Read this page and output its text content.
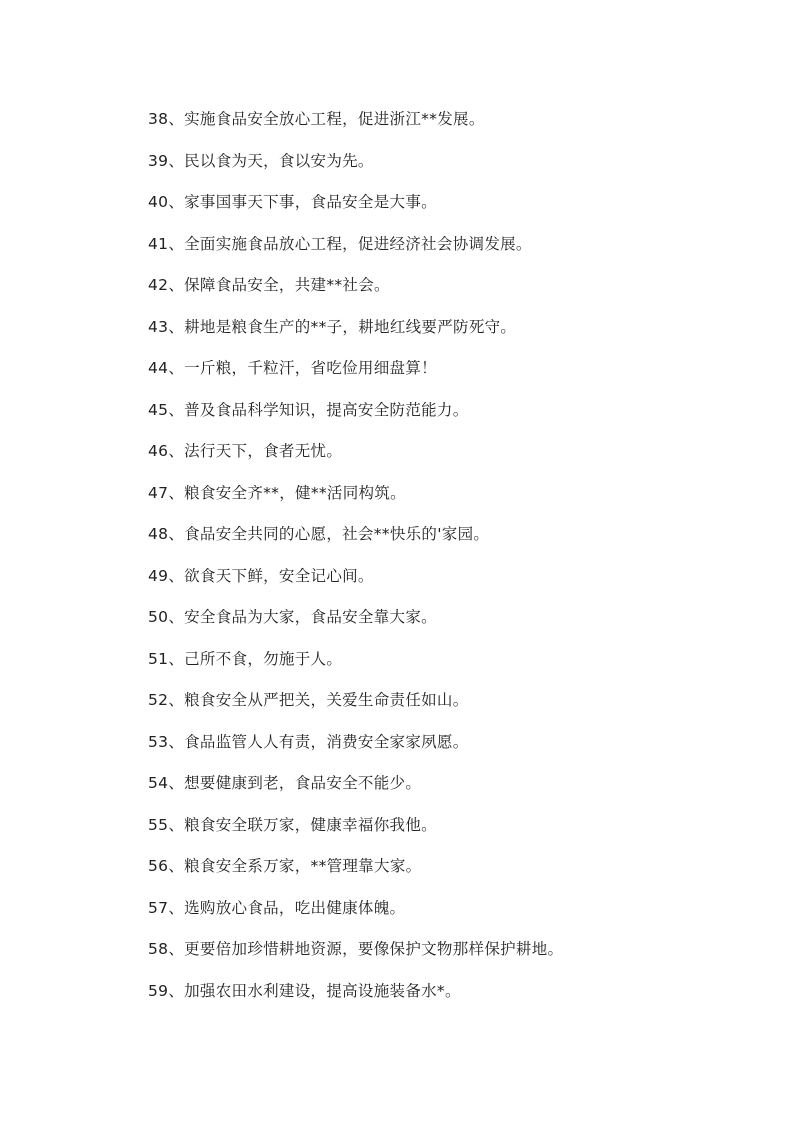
38、实施食品安全放心工程，促进浙江**发展。
39、民以食为天，食以安为先。
40、家事国事天下事，食品安全是大事。
41、全面实施食品放心工程，促进经济社会协调发展。
42、保障食品安全，共建**社会。
43、耕地是粮食生产的**子，耕地红线要严防死守。
44、一斤粮，千粒汗，省吃俭用细盘算！
45、普及食品科学知识，提高安全防范能力。
46、法行天下，食者无忧。
47、粮食安全齐**，健**活同构筑。
48、食品安全共同的心愿，社会**快乐的'家园。
49、欲食天下鲜，安全记心间。
50、安全食品为大家，食品安全靠大家。
51、己所不食，勿施于人。
52、粮食安全从严把关，关爱生命责任如山。
53、食品监管人人有责，消费安全家家夙愿。
54、想要健康到老，食品安全不能少。
55、粮食安全联万家，健康幸福你我他。
56、粮食安全系万家，**管理靠大家。
57、选购放心食品，吃出健康体魄。
58、更要倍加珍惜耕地资源，要像保护文物那样保护耕地。
59、加强农田水利建设，提高设施装备水*。
